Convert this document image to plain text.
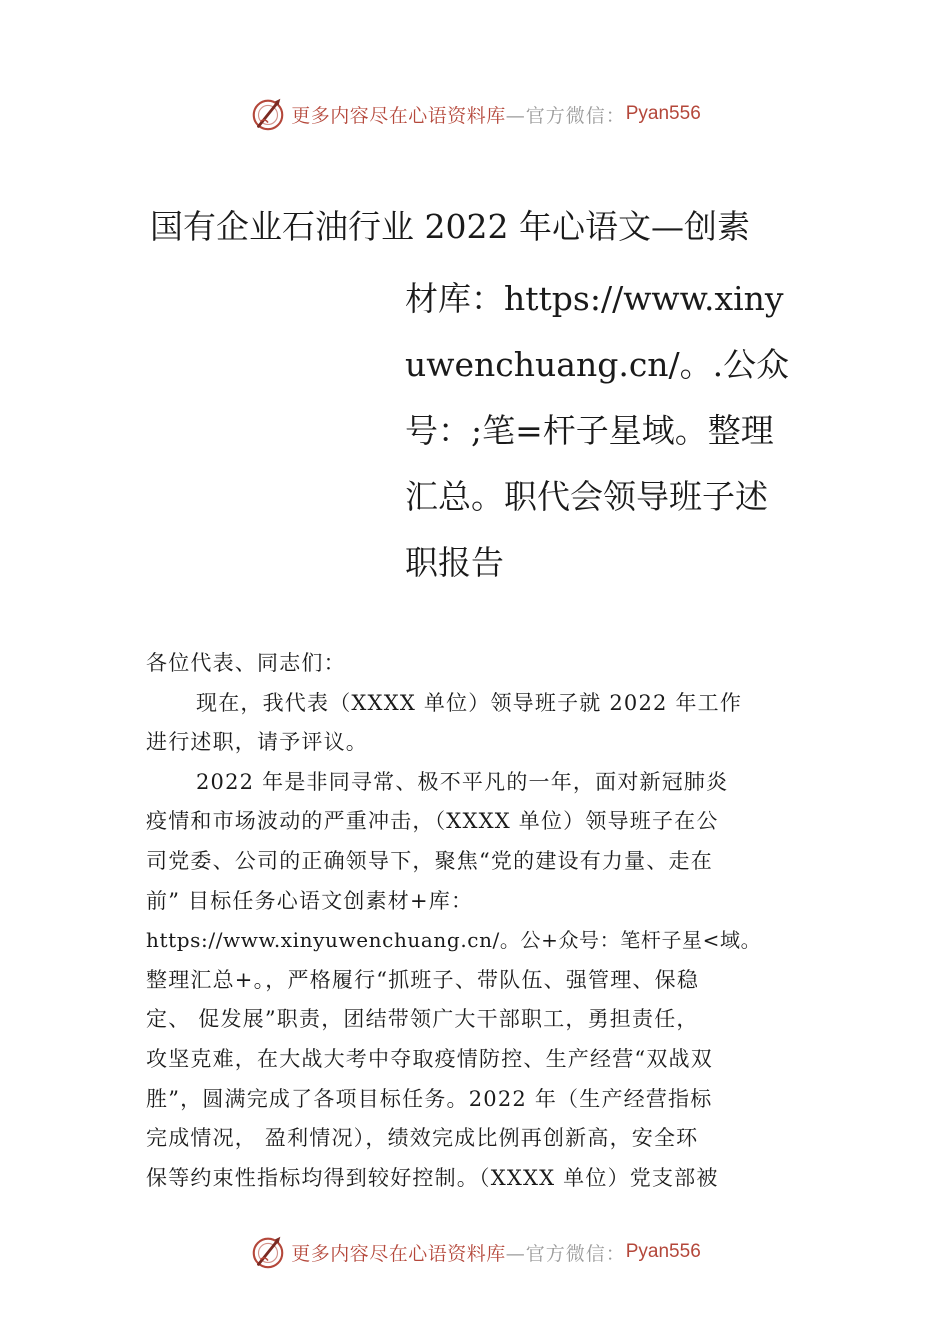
更多内容尽在心语资料库 —官方微信： Pyan556
国有企业石油行业 2022 年心语文—创素
材库：https://www.xiny
uwenchuang.cn/。.公众
号：;笔=杆子星域。整理
汇总。职代会领导班子述
职报告
各位代表、同志们：
现在，我代表（XXXX 单位）领导班子就 2022 年工作
进行述职，请予评议。
2022 年是非同寻常、极不平凡的一年，面对新冠肺炎
疫情和市场波动的严重冲击，（XXXX 单位）领导班子在公
司党委、公司的正确领导下，聚焦“党的建设有力量、走在
前” 目标任务心语文创素材+库：
https://www.xinyuwenchuang.cn/。公+众号：笔杆子星<域。
整理汇总+。，严格履行“抓班子、带队伍、强管理、保稳
定、 促发展”职责，团结带领广大干部职工，勇担责任，
攻坚克难，在大战大考中夺取疫情防控、生产经营“双战双
胜”，圆满完成了各项目标任务。2022 年（生产经营指标
完成情况， 盈利情况），绩效完成比例再创新高，安全环
保等约束性指标均得到较好控制。（XXXX 单位）党支部被
更多内容尽在心语资料库 —官方微信： Pyan556
